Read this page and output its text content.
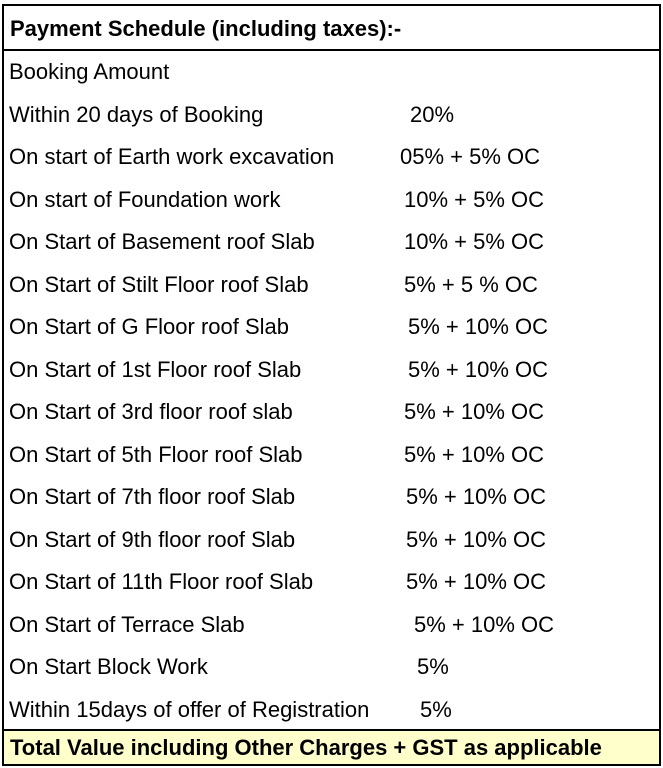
Payment Schedule (including taxes):-
Booking Amount
Within 20 days of Booking	20%
On start of Earth work excavation	05% + 5% OC
On start of Foundation work	10% + 5% OC
On Start of Basement roof Slab	10% + 5% OC
On Start of Stilt Floor roof Slab	5% + 5 % OC
On Start of G Floor roof Slab	5% + 10% OC
On Start of 1st Floor roof Slab	5% + 10% OC
On Start of 3rd floor roof slab	5% + 10% OC
On Start of 5th Floor roof Slab	5% + 10% OC
On Start of 7th floor roof Slab	5% + 10% OC
On Start of 9th floor roof Slab	5% + 10% OC
On Start of 11th Floor roof Slab	5% + 10% OC
On Start of Terrace Slab	5% + 10% OC
On Start Block Work	5%
Within 15days of offer of Registration 5%
Total Value including Other Charges + GST as applicable
